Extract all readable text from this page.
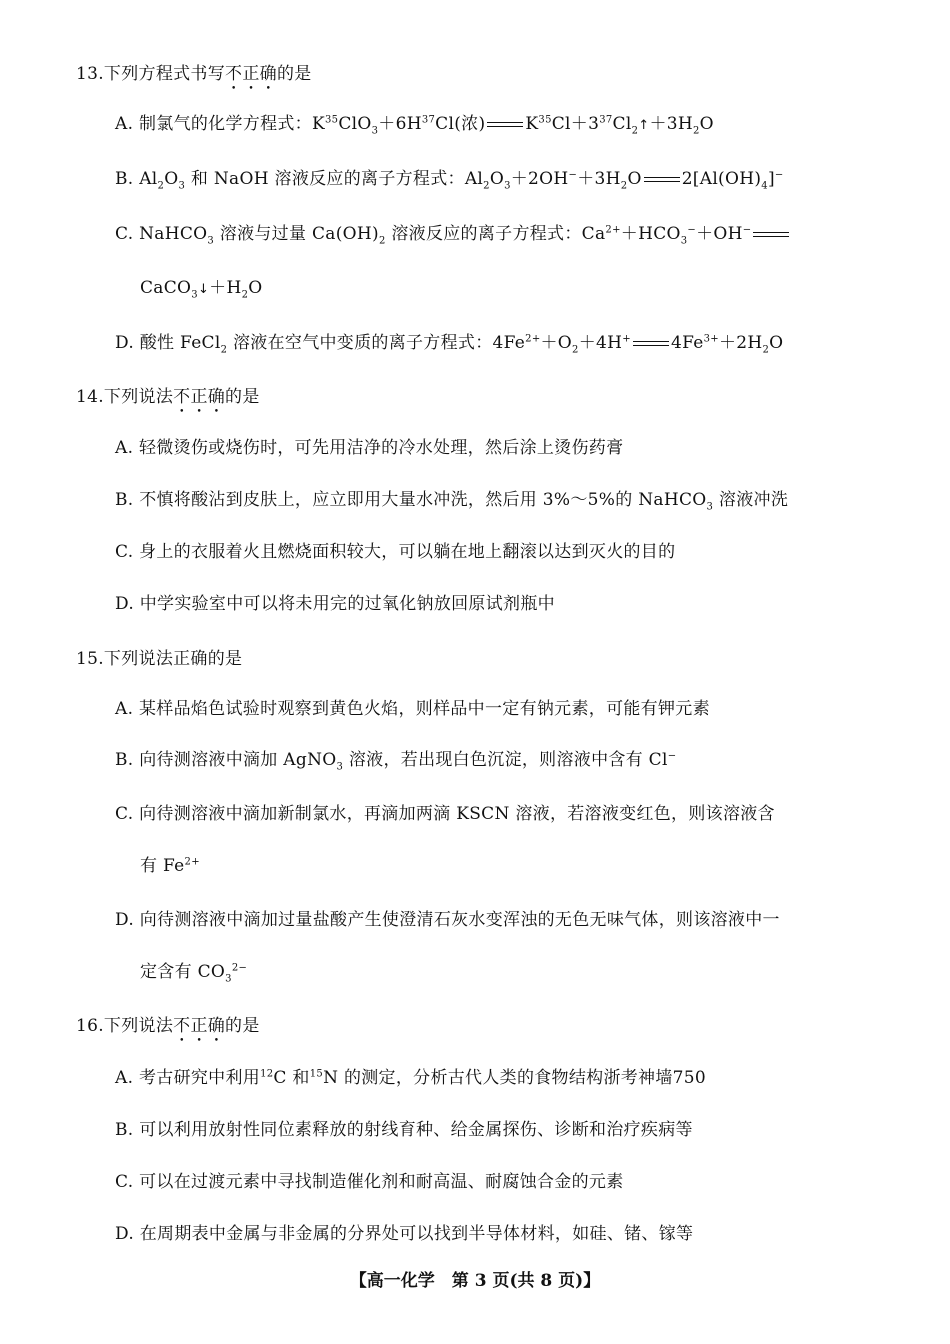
13.下列方程式书写不正确的是
A. 制氯气的化学方程式：$K^{35}ClO_3+6H^{37}Cl$(浓) $K^{35}Cl+3^{37}Cl_2↑+3H_2O$
B. $Al_2O_3$ 和 NaOH 溶液反应的离子方程式：$Al_2O_3+2OH^-+3H_2O$ $2[Al(OH)_4]^-$
C. NaHCO$_3$ 溶液与过量 $Ca(OH)_2$ 溶液反应的离子方程式：$Ca^{2+}+HCO_3^-+OH^-$
$CaCO_3↓+H_2O$
D. 酸性 FeCl$_2$ 溶液在空气中变质的离子方程式：$4Fe^{2+}+O_2+4H^+$ $4Fe^{3+}+2H_2O$
14.下列说法不正确的是
A. 轻微烫伤或烧伤时，可先用洁净的冷水处理，然后涂上烫伤药膏
B. 不慎将酸沾到皮肤上，应立即用大量水冲洗，然后用 3%～5%的 NaHCO$_3$ 溶液冲洗
C. 身上的衣服着火且燃烧面积较大，可以躺在地上翻滚以达到灭火的目的
D. 中学实验室中可以将未用完的过氧化钠放回原试剂瓶中
15.下列说法正确的是
A. 某样品焰色试验时观察到黄色火焰，则样品中一定有钠元素，可能有钾元素
B. 向待测溶液中滴加 AgNO$_3$ 溶液，若出现白色沉淀，则溶液中含有 Cl−
C. 向待测溶液中滴加新制氯水，再滴加两滴 KSCN 溶液，若溶液变红色，则该溶液含
有 $Fe^{2+}$
D. 向待测溶液中滴加过量盐酸产生使澄清石灰水变浑浊的无色无味气体，则该溶液中一
定含有 $CO_3^{2-}$
16.下列说法不正确的是
A. 考古研究中利用$^{12}$C 和$^{15}$N 的测定，分析古代人类的食物结构浙考神墙750
B. 可以利用放射性同位素释放的射线育种、给金属探伤、诊断和治疗疾病等
C. 可以在过渡元素中寻找制造催化剂和耐高温、耐腐蚀合金的元素
D. 在周期表中金属与非金属的分界处可以找到半导体材料，如硅、锗、镓等
【高一化学　第 3 页(共 8 页)】
